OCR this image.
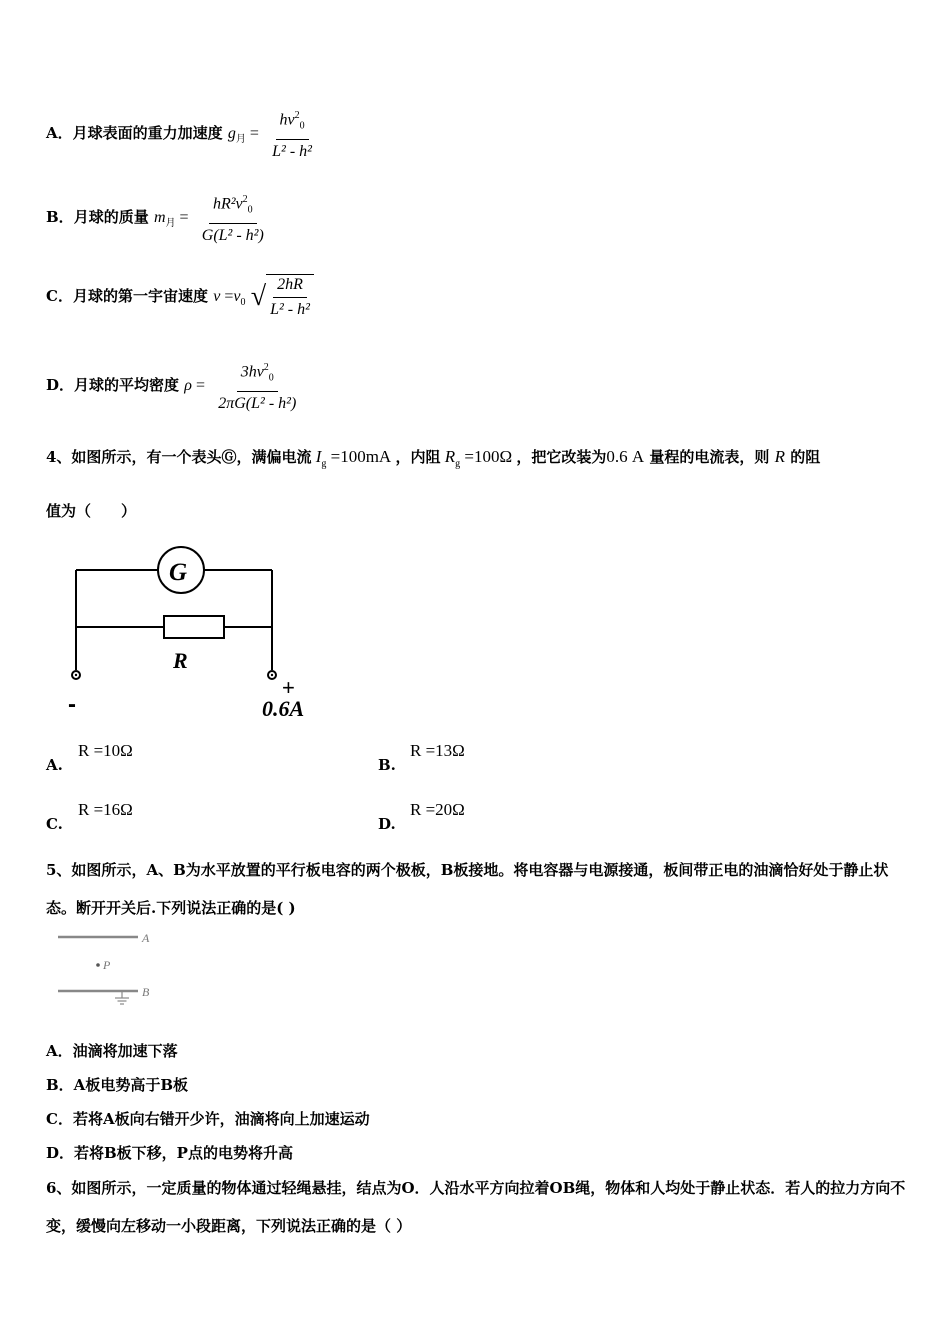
A．月球表面的重力加速度 $g_月 = \frac{hv^2_0}{\text{L² - h²}}$
B．月球的质量 $m_月 = \frac{hR^2v^2_0}{\text{G(L² - h²)}}$
C．月球的第一宇宙速度 $v =v_0$ √ $\frac{2hR}{\text{L² - h²}}$
D．月球的平均密度 $\rho = \frac{3hv^2_0}{\text{2πG(L² - h²)}}$
4、如图所示，有一个表头Ⓖ，满偏电流 $I_g =100mA$ ，内阻 $R_g =100\Omega$ ，把它改装为0.6 A 量程的电流表，则 R 的阻
值为（　　）
G
R
-
+
0.6A
A.
R =10Ω
B.
R =13Ω
C.
R =16Ω
D.
R =20Ω
5、如图所示，A、B为水平放置的平行板电容的两个极板，B板接地。将电容器与电源接通，板间带正电的油滴恰好处于静止状态。断开开关后.下列说法正确的是( )
A
P
B
A．油滴将加速下落
B．A板电势高于B板
C．若将A板向右错开少许，油滴将向上加速运动
D．若将B板下移，P点的电势将升高
6、如图所示，一定质量的物体通过轻绳悬挂，结点为O．人沿水平方向拉着OB绳，物体和人均处于静止状态．若人的拉力方向不变，缓慢向左移动一小段距离，下列说法正确的是（ ）
